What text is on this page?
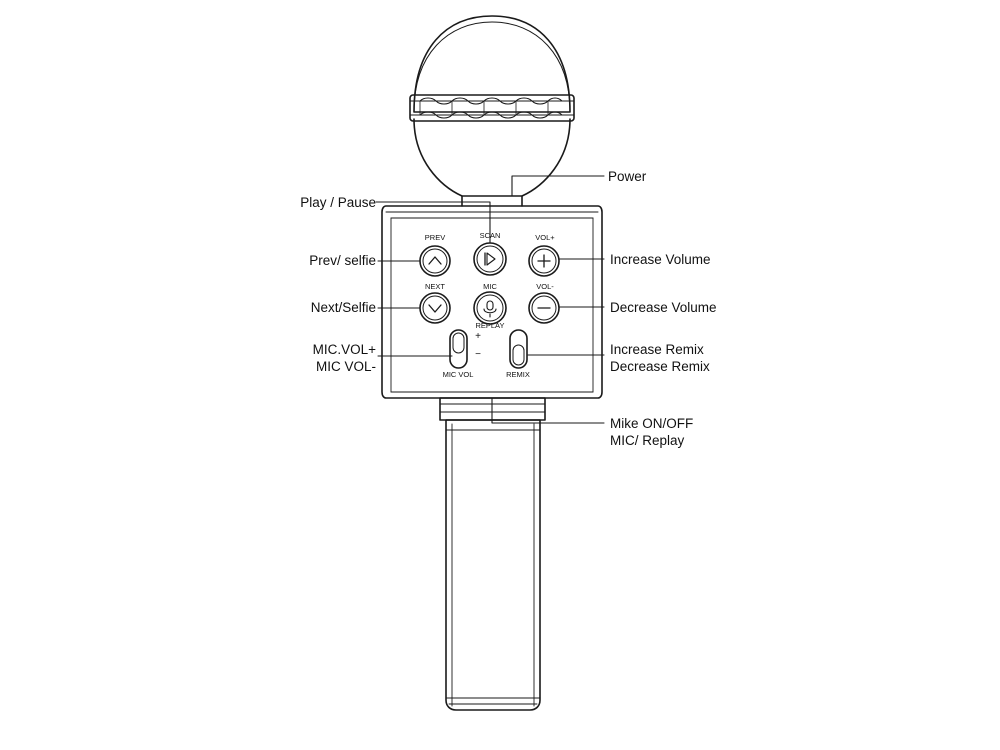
Power
Play / Pause
Prev/ selfie	Increase Volume
Next/Selfie	Decrease Volume
MIC.VOL+
MIC VOL-
Increase Remix
Decrease Remix
Mike ON/OFF
MIC/ Replay
PREV	SCAN	VOL+
NEXT	MIC	VOL-
REPLAY
MIC VOL	REMIX
+
−
